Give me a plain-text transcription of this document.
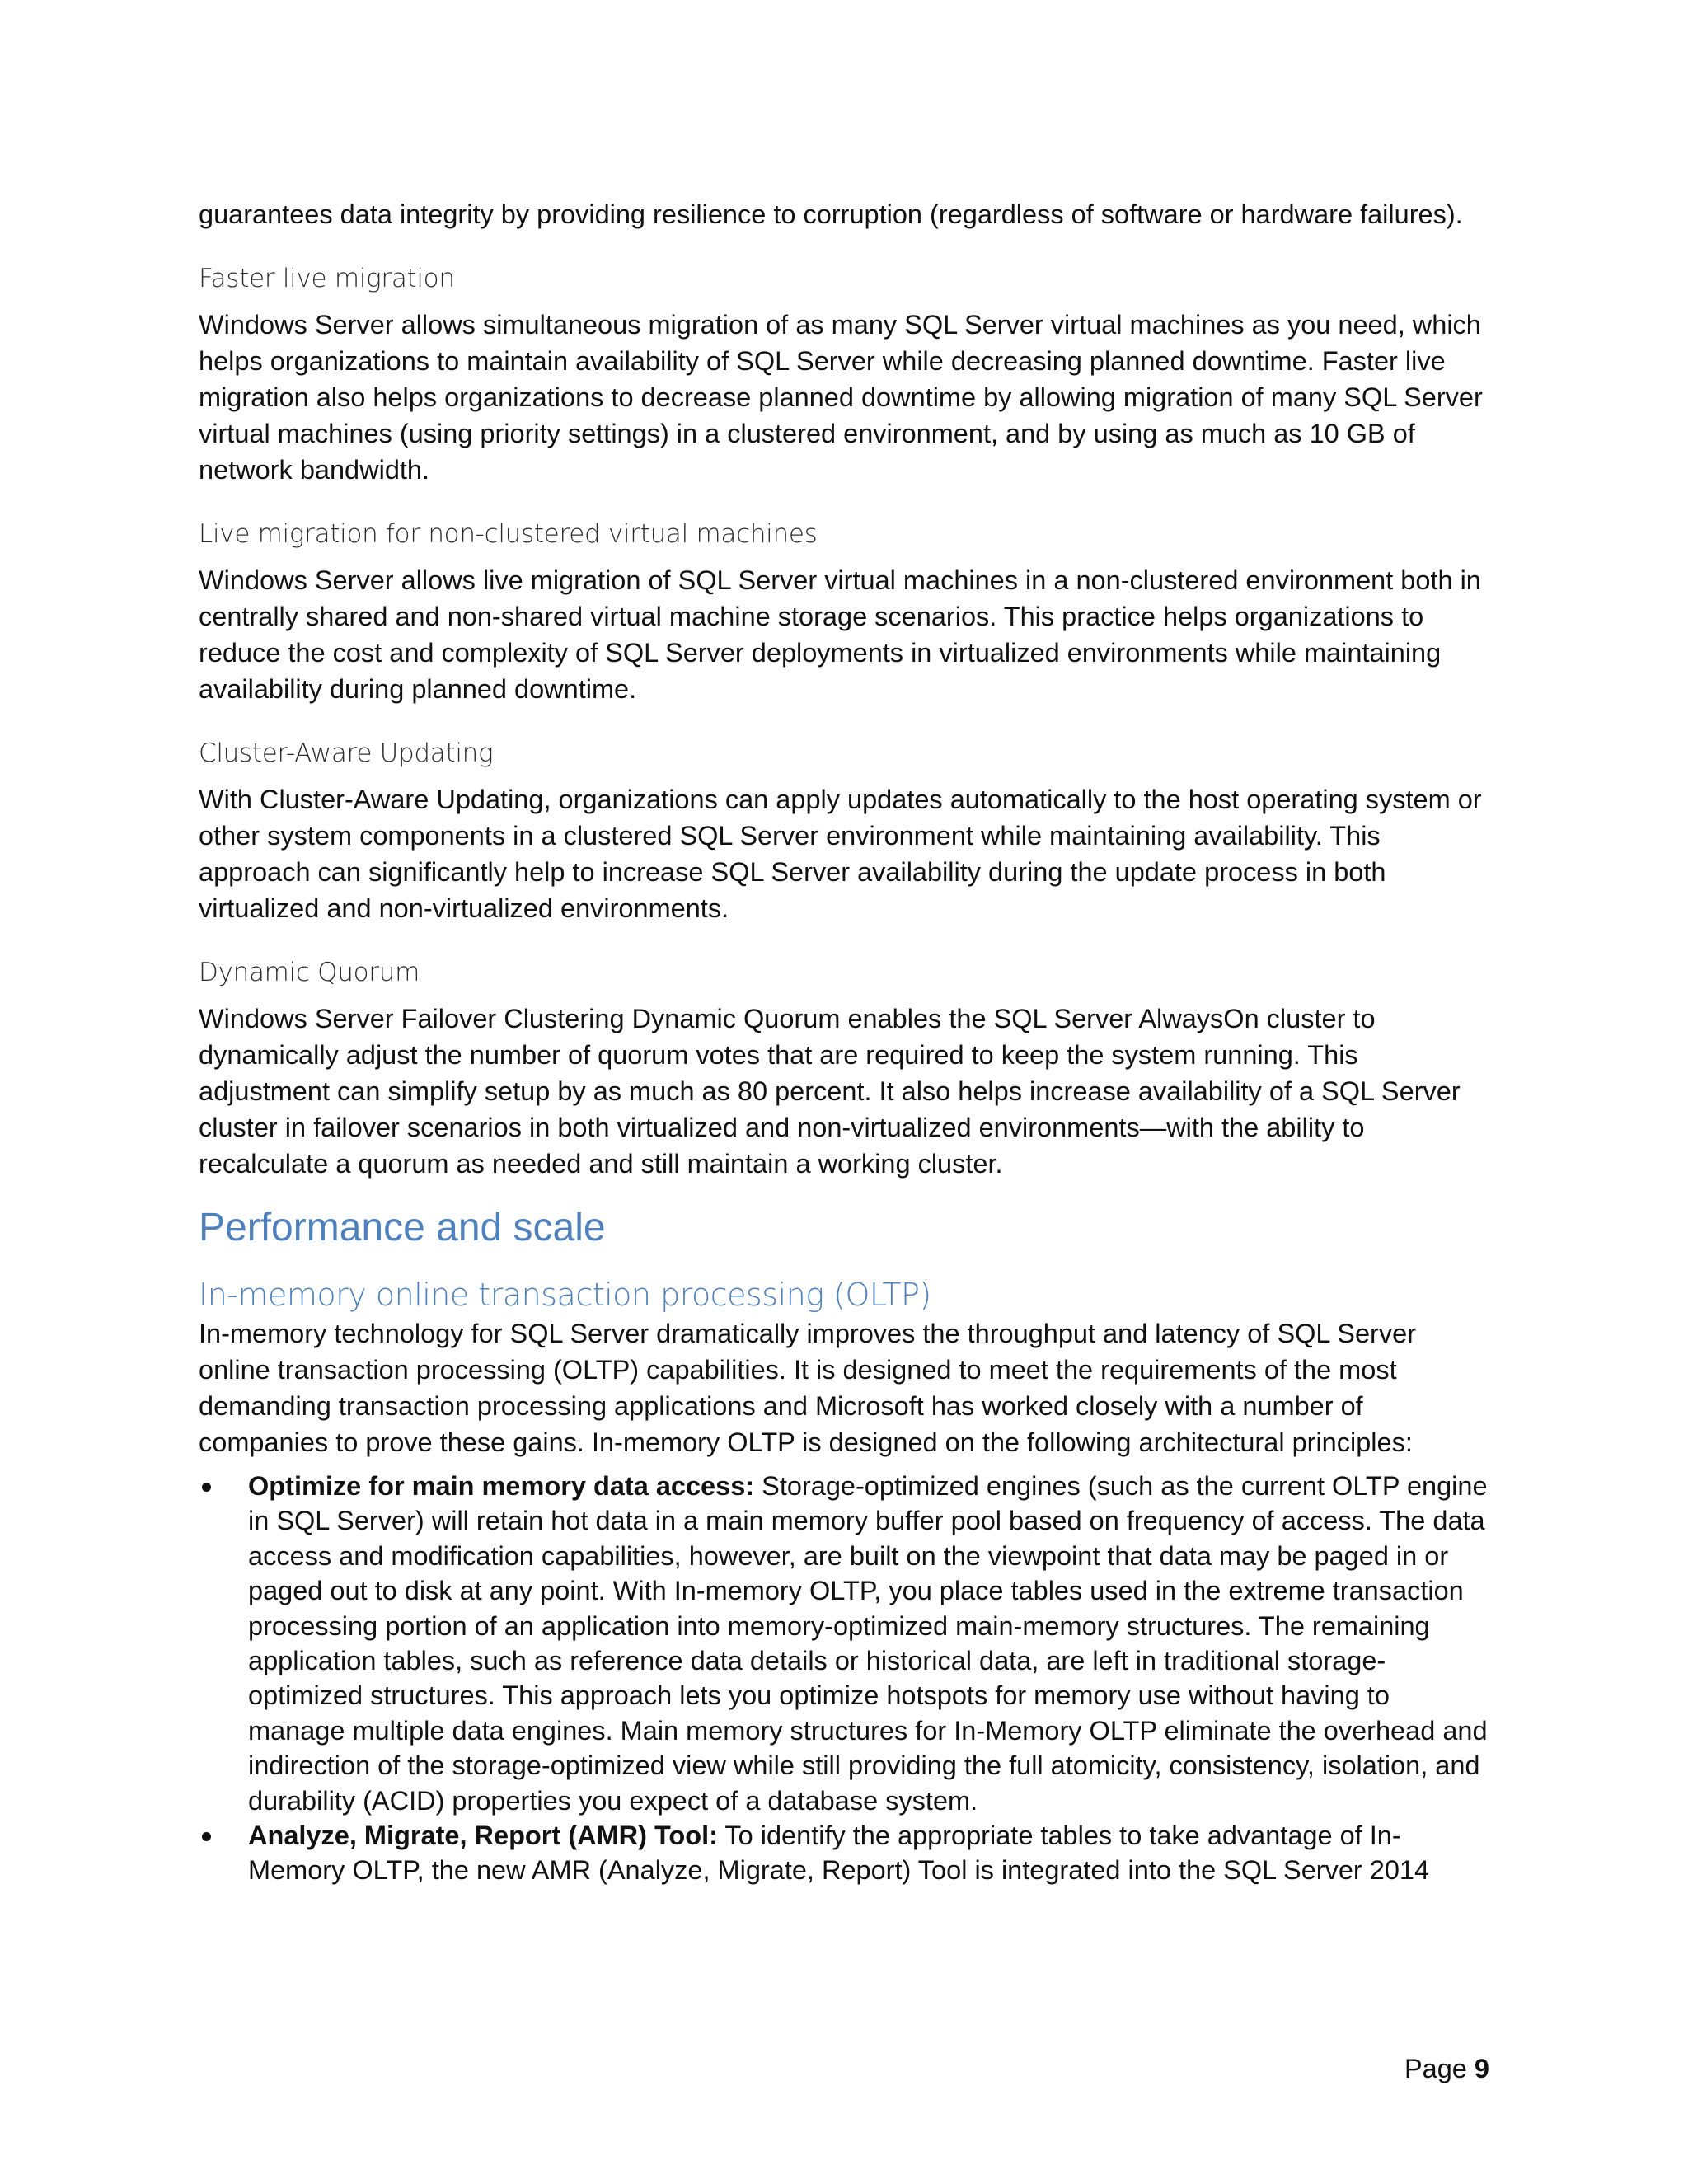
guarantees data integrity by providing resilience to corruption (regardless of software or hardware failures).

Faster live migration

Windows Server allows simultaneous migration of as many SQL Server virtual machines as you need, which helps organizations to maintain availability of SQL Server while decreasing planned downtime. Faster live migration also helps organizations to decrease planned downtime by allowing migration of many SQL Server virtual machines (using priority settings) in a clustered environment, and by using as much as 10 GB of network bandwidth.

Live migration for non-clustered virtual machines

Windows Server allows live migration of SQL Server virtual machines in a non-clustered environment both in centrally shared and non-shared virtual machine storage scenarios. This practice helps organizations to reduce the cost and complexity of SQL Server deployments in virtualized environments while maintaining availability during planned downtime.

Cluster-Aware Updating

With Cluster-Aware Updating, organizations can apply updates automatically to the host operating system or other system components in a clustered SQL Server environment while maintaining availability. This approach can significantly help to increase SQL Server availability during the update process in both virtualized and non-virtualized environments.

Dynamic Quorum

Windows Server Failover Clustering Dynamic Quorum enables the SQL Server AlwaysOn cluster to dynamically adjust the number of quorum votes that are required to keep the system running. This adjustment can simplify setup by as much as 80 percent. It also helps increase availability of a SQL Server cluster in failover scenarios in both virtualized and non-virtualized environments—with the ability to recalculate a quorum as needed and still maintain a working cluster.

Performance and scale
In-memory online transaction processing (OLTP)

In-memory technology for SQL Server dramatically improves the throughput and latency of SQL Server online transaction processing (OLTP) capabilities. It is designed to meet the requirements of the most demanding transaction processing applications and Microsoft has worked closely with a number of companies to prove these gains. In-memory OLTP is designed on the following architectural principles:

Optimize for main memory data access: Storage-optimized engines (such as the current OLTP engine in SQL Server) will retain hot data in a main memory buffer pool based on frequency of access. The data access and modification capabilities, however, are built on the viewpoint that data may be paged in or paged out to disk at any point. With In-memory OLTP, you place tables used in the extreme transaction processing portion of an application into memory-optimized main-memory structures. The remaining application tables, such as reference data details or historical data, are left in traditional storage-optimized structures. This approach lets you optimize hotspots for memory use without having to manage multiple data engines. Main memory structures for In-Memory OLTP eliminate the overhead and indirection of the storage-optimized view while still providing the full atomicity, consistency, isolation, and durability (ACID) properties you expect of a database system.
Analyze, Migrate, Report (AMR) Tool: To identify the appropriate tables to take advantage of In-Memory OLTP, the new AMR (Analyze, Migrate, Report) Tool is integrated into the SQL Server 2014
Page 9
